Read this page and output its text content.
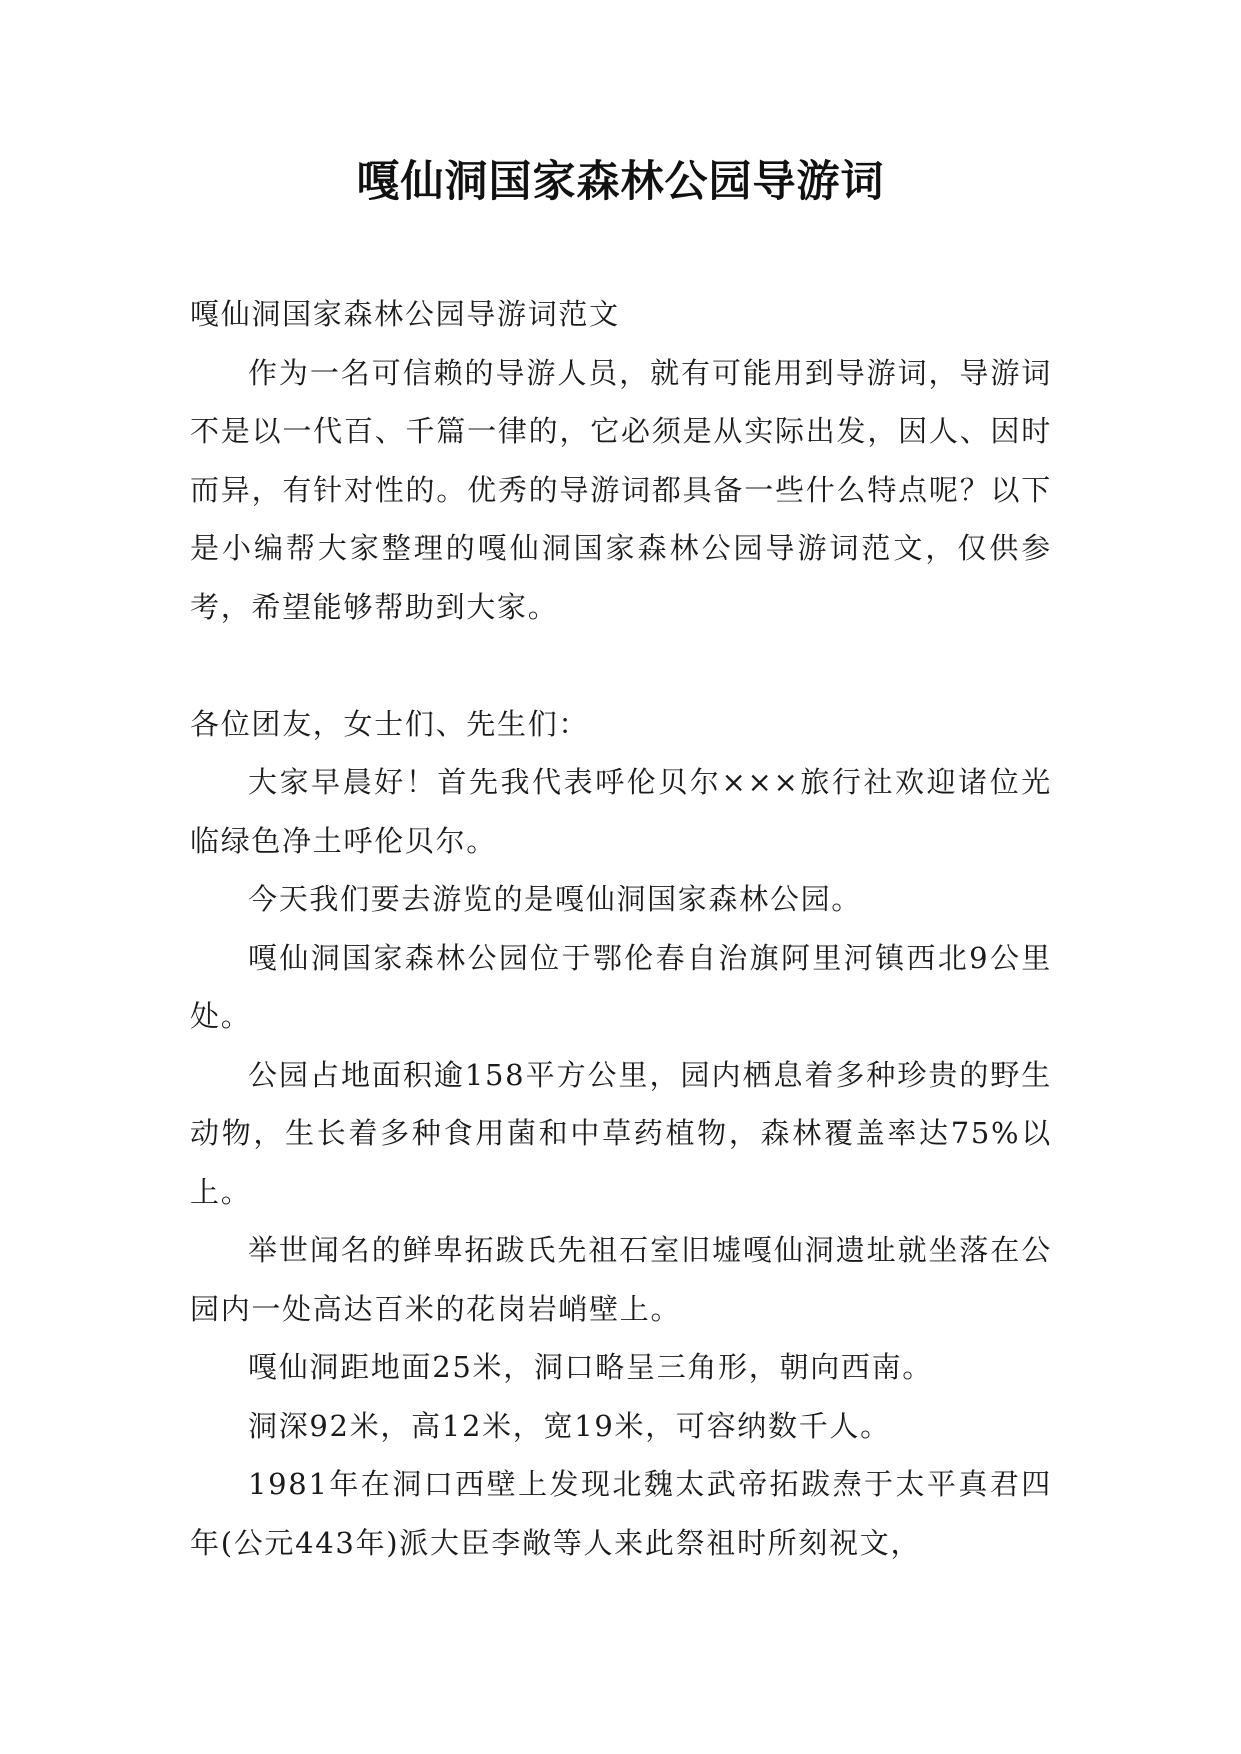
嘎仙洞国家森林公园导游词

嘎仙洞国家森林公园导游词范文

作为一名可信赖的导游人员，就有可能用到导游词，导游词不是以一代百、千篇一律的，它必须是从实际出发，因人、因时而异，有针对性的。优秀的导游词都具备一些什么特点呢？以下是小编帮大家整理的嘎仙洞国家森林公园导游词范文，仅供参考，希望能够帮助到大家。

各位团友，女士们、先生们：

大家早晨好！首先我代表呼伦贝尔×××旅行社欢迎诸位光临绿色净土呼伦贝尔。

今天我们要去游览的是嘎仙洞国家森林公园。

嘎仙洞国家森林公园位于鄂伦春自治旗阿里河镇西北9公里处。

公园占地面积逾158平方公里，园内栖息着多种珍贵的野生动物，生长着多种食用菌和中草药植物，森林覆盖率达75%以上。

举世闻名的鲜卑拓跋氏先祖石室旧墟嘎仙洞遗址就坐落在公园内一处高达百米的花岗岩峭壁上。

嘎仙洞距地面25米，洞口略呈三角形，朝向西南。

洞深92米，高12米，宽19米，可容纳数千人。

1981年在洞口西壁上发现北魏太武帝拓跋焘于太平真君四年(公元443年)派大臣李敞等人来此祭祖时所刻祝文，
